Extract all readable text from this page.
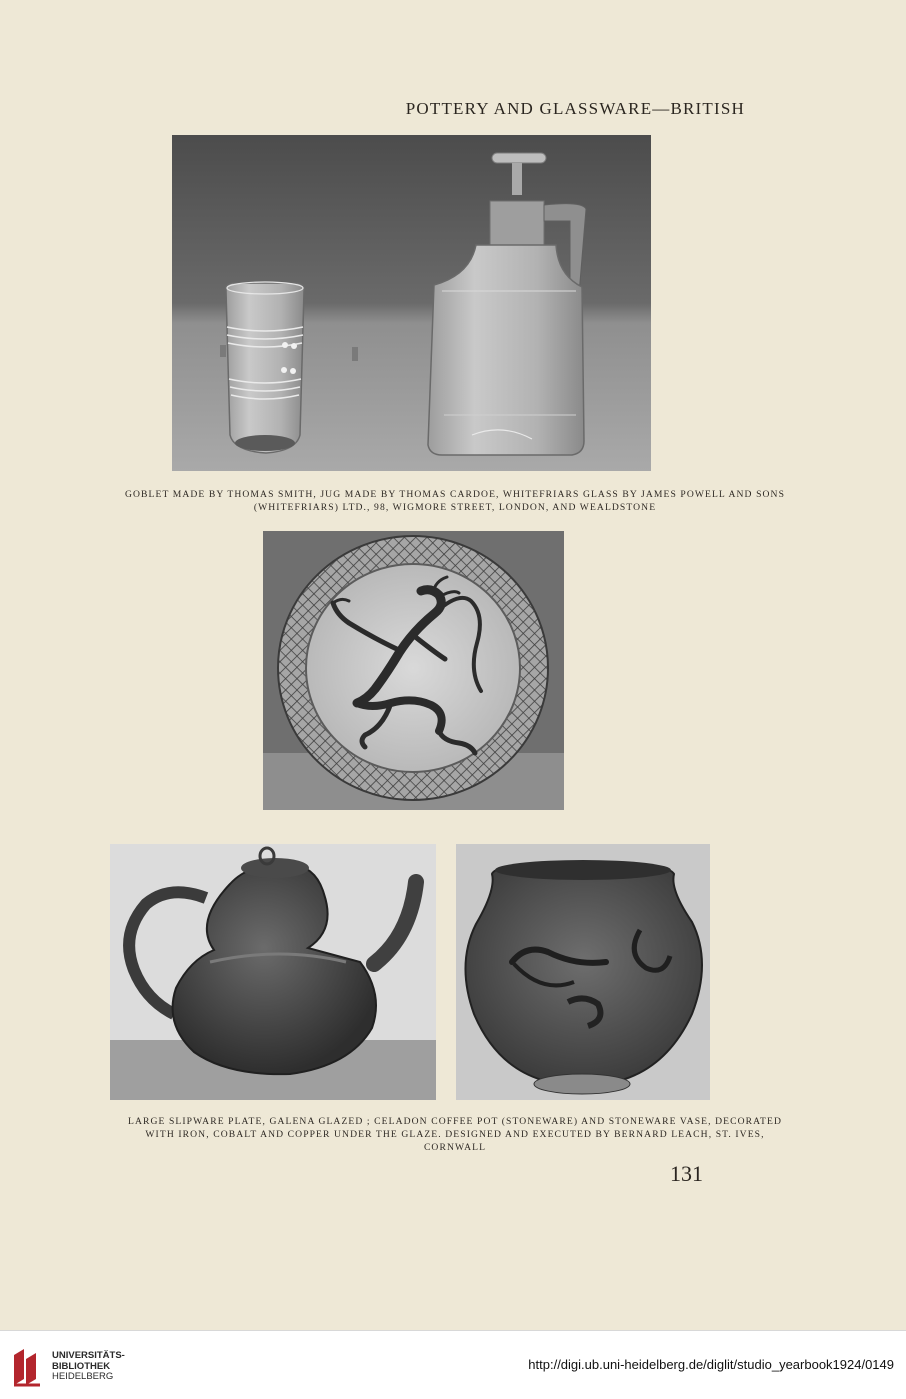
POTTERY AND GLASSWARE—BRITISH
GOBLET MADE BY THOMAS SMITH, JUG MADE BY THOMAS CARDOE, WHITEFRIARS GLASS BY JAMES POWELL AND SONS
(WHITEFRIARS) LTD., 98, WIGMORE STREET, LONDON, AND WEALDSTONE
LARGE SLIPWARE PLATE, GALENA GLAZED ; CELADON COFFEE POT (STONEWARE) AND STONEWARE VASE, DECORATED
WITH IRON, COBALT AND COPPER UNDER THE GLAZE. DESIGNED AND EXECUTED BY BERNARD LEACH, ST. IVES,
CORNWALL
131
UNIVERSITÄTS-
BIBLIOTHEK
HEIDELBERG
http://digi.ub.uni-heidelberg.de/diglit/studio_yearbook1924/0149
